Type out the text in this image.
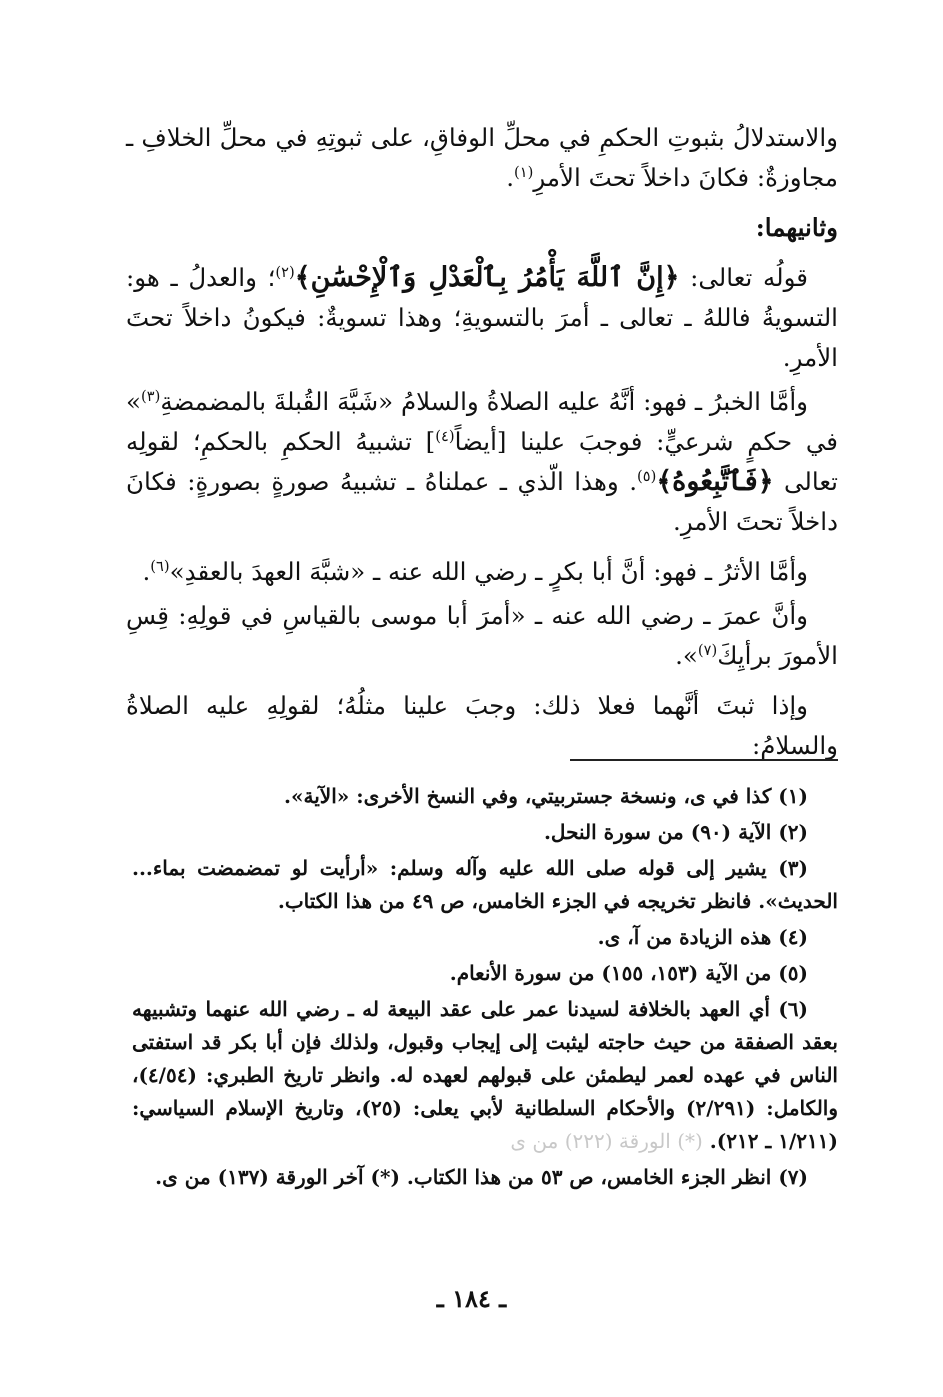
والاستدلالُ بثبوتِ الحكمِ في محلِّ الوفاقِ، على ثبوتِهِ في محلِّ الخلافِ ـ مجاوزةٌ: فكانَ داخلاً تحتَ الأمرِ$^{(١)}$.

وثانيهما:

قولُه تعالى: ﴿إِنَّ ٱللَّهَ يَأْمُرُ بِٱلْعَدْلِ وَٱلْإِحْسَٰنِ﴾$^{(٢)}$؛ والعدلُ ـ هو: التسويةُ فاللهُ ـ تعالى ـ أمرَ بالتسويةِ؛ وهذا تسويةٌ: فيكونُ داخلاً تحتَ الأمرِ.

وأمَّا الخبرُ ـ فهو: أنَّهُ عليه الصلاةُ والسلامُ «شَبَّهَ القُبلةَ بالمضمضةِ$^{(٣)}$» في حكمٍ شرعيٍّ: فوجبَ علينا [أيضاً$^{(٤)}$] تشبيهُ الحكمِ بالحكمِ؛ لقولِه تعالى ﴿فَٱتَّبِعُوهُ﴾$^{(٥)}$. وهذا الّذي ـ عملناهُ ـ تشبيهُ صورةٍ بصورةٍ: فكانَ داخلاً تحتَ الأمرِ.

وأمَّا الأثرُ ـ فهو: أنَّ أبا بكرٍ ـ رضي الله عنه ـ «شبَّهَ العهدَ بالعقدِ»$^{(٦)}$.

وأنَّ عمرَ ـ رضي الله عنه ـ «أمرَ أبا موسى بالقياسِ في قولِهِ: قِسِ الأمورَ برأيِكَ$^{(٧)}$».

وإذا ثبتَ أنَّهما فعلا ذلك: وجبَ علينا مثلُهُ؛ لقولِهِ عليه الصلاةُ والسلامُ:

(١) كذا في ى، ونسخة جستربيتي، وفي النسخ الأخرى: «الآية».

(٢) الآية (٩٠) من سورة النحل.

(٣) يشير إلى قوله صلى الله عليه وآله وسلم: «أرأيت لو تمضمضت بماء... الحديث». فانظر تخريجه في الجزء الخامس، ص ٤٩ من هذا الكتاب.

(٤) هذه الزيادة من آ، ى.

(٥) من الآية (١٥٣، ١٥٥) من سورة الأنعام.

(٦) أي العهد بالخلافة لسيدنا عمر على عقد البيعة له ـ رضي الله عنهما وتشبيهه بعقد الصفقة من حيث حاجته ليثبت إلى إيجاب وقبول، ولذلك فإن أبا بكر قد استفتى الناس في عهده لعمر ليطمئن على قبولهم لعهده له. وانظر تاريخ الطبري: (٤/٥٤)، والكامل: (٢/٢٩١) والأحكام السلطانية لأبي يعلى: (٢٥)، وتاريخ الإسلام السياسي: (١/٢١١ ـ ٢١٢). (*) الورقة (٢٢٢) من ى

(٧) انظر الجزء الخامس، ص ٥٣ من هذا الكتاب. (*) آخر الورقة (١٣٧) من ى.

ـ ١٨٤ ـ
